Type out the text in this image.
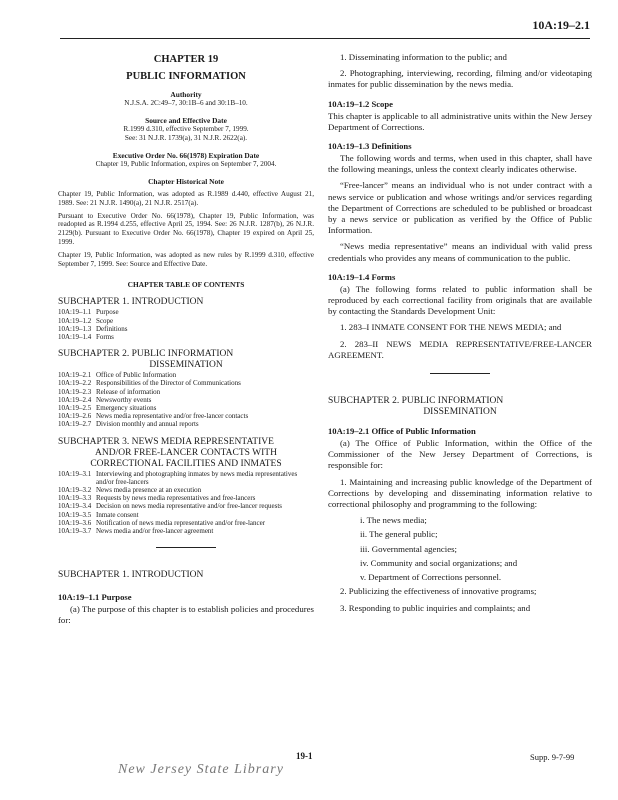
10A:19–2.1
CHAPTER 19
PUBLIC INFORMATION
Authority
N.J.S.A. 2C:49–7, 30:1B–6 and 30:1B–10.
Source and Effective Date
R.1999 d.310, effective September 7, 1999.
See: 31 N.J.R. 1739(a), 31 N.J.R. 2622(a).
Executive Order No. 66(1978) Expiration Date
Chapter 19, Public Information, expires on September 7, 2004.
Chapter Historical Note

Chapter 19, Public Information, was adopted as R.1989 d.440, effective August 21, 1989. See: 21 N.J.R. 1490(a), 21 N.J.R. 2517(a).

Pursuant to Executive Order No. 66(1978), Chapter 19, Public Information, was readopted as R.1994 d.255, effective April 25, 1994. See: 26 N.J.R. 1287(b), 26 N.J.R. 2129(b). Pursuant to Executive Order No. 66(1978), Chapter 19 expired on April 25, 1999.

Chapter 19, Public Information, was adopted as new rules by R.1999 d.310, effective September 7, 1999. See: Source and Effective Date.

CHAPTER TABLE OF CONTENTS
SUBCHAPTER 1. INTRODUCTION
10A:19–1.1 Purpose
10A:19–1.2 Scope
10A:19–1.3 Definitions
10A:19–1.4 Forms
SUBCHAPTER 2. PUBLIC INFORMATION
DISSEMINATION
10A:19–2.1 Office of Public Information
10A:19–2.2 Responsibilities of the Director of Communications
10A:19–2.3 Release of information
10A:19–2.4 Newsworthy events
10A:19–2.5 Emergency situations
10A:19–2.6 News media representative and/or free-lancer contacts
10A:19–2.7 Division monthly and annual reports
SUBCHAPTER 3. NEWS MEDIA REPRESENTATIVE
AND/OR FREE-LANCER CONTACTS WITH
CORRECTIONAL FACILITIES AND INMATES
10A:19–3.1 Interviewing and photographing inmates by news media representatives and/or free-lancers
10A:19–3.2 News media presence at an execution
10A:19–3.3 Requests by news media representatives and free-lancers
10A:19–3.4 Decision on news media representative and/or free-lancer requests
10A:19–3.5 Inmate consent
10A:19–3.6 Notification of news media representative and/or free-lancer
10A:19–3.7 News media and/or free-lancer agreement
SUBCHAPTER 1. INTRODUCTION
10A:19–1.1 Purpose

(a) The purpose of this chapter is to establish policies and procedures for:

1. Disseminating information to the public; and

2. Photographing, interviewing, recording, filming and/or videotaping inmates for public dissemination by the news media.

10A:19–1.2 Scope

This chapter is applicable to all administrative units within the New Jersey Department of Corrections.

10A:19–1.3 Definitions

The following words and terms, when used in this chapter, shall have the following meanings, unless the context clearly indicates otherwise.

“Free-lancer” means an individual who is not under contract with a news service or publication and whose writings and/or services regarding the Department of Corrections are scheduled to be published or broadcast by a news service or publication as verified by the Office of Public Information.

“News media representative” means an individual with valid press credentials who provides any means of communication to the public.

10A:19–1.4 Forms

(a) The following forms related to public information shall be reproduced by each correctional facility from originals that are available by contacting the Standards Development Unit:

1. 283–I INMATE CONSENT FOR THE NEWS MEDIA; and

2. 283–II NEWS MEDIA REPRESENTATIVE/FREE-LANCER AGREEMENT.

SUBCHAPTER 2. PUBLIC INFORMATION
DISSEMINATION
10A:19–2.1 Office of Public Information

(a) The Office of Public Information, within the Office of the Commissioner of the New Jersey Department of Corrections, is responsible for:

1. Maintaining and increasing public knowledge of the Department of Corrections by developing and disseminating information relative to correctional philosophy and programming to the following:

i. The news media;
ii. The general public;
iii. Governmental agencies;
iv. Community and social organizations; and
v. Department of Corrections personnel.

2. Publicizing the effectiveness of innovative programs;

3. Responding to public inquiries and complaints; and

19-1	Supp. 9-7-99
New Jersey State Library
